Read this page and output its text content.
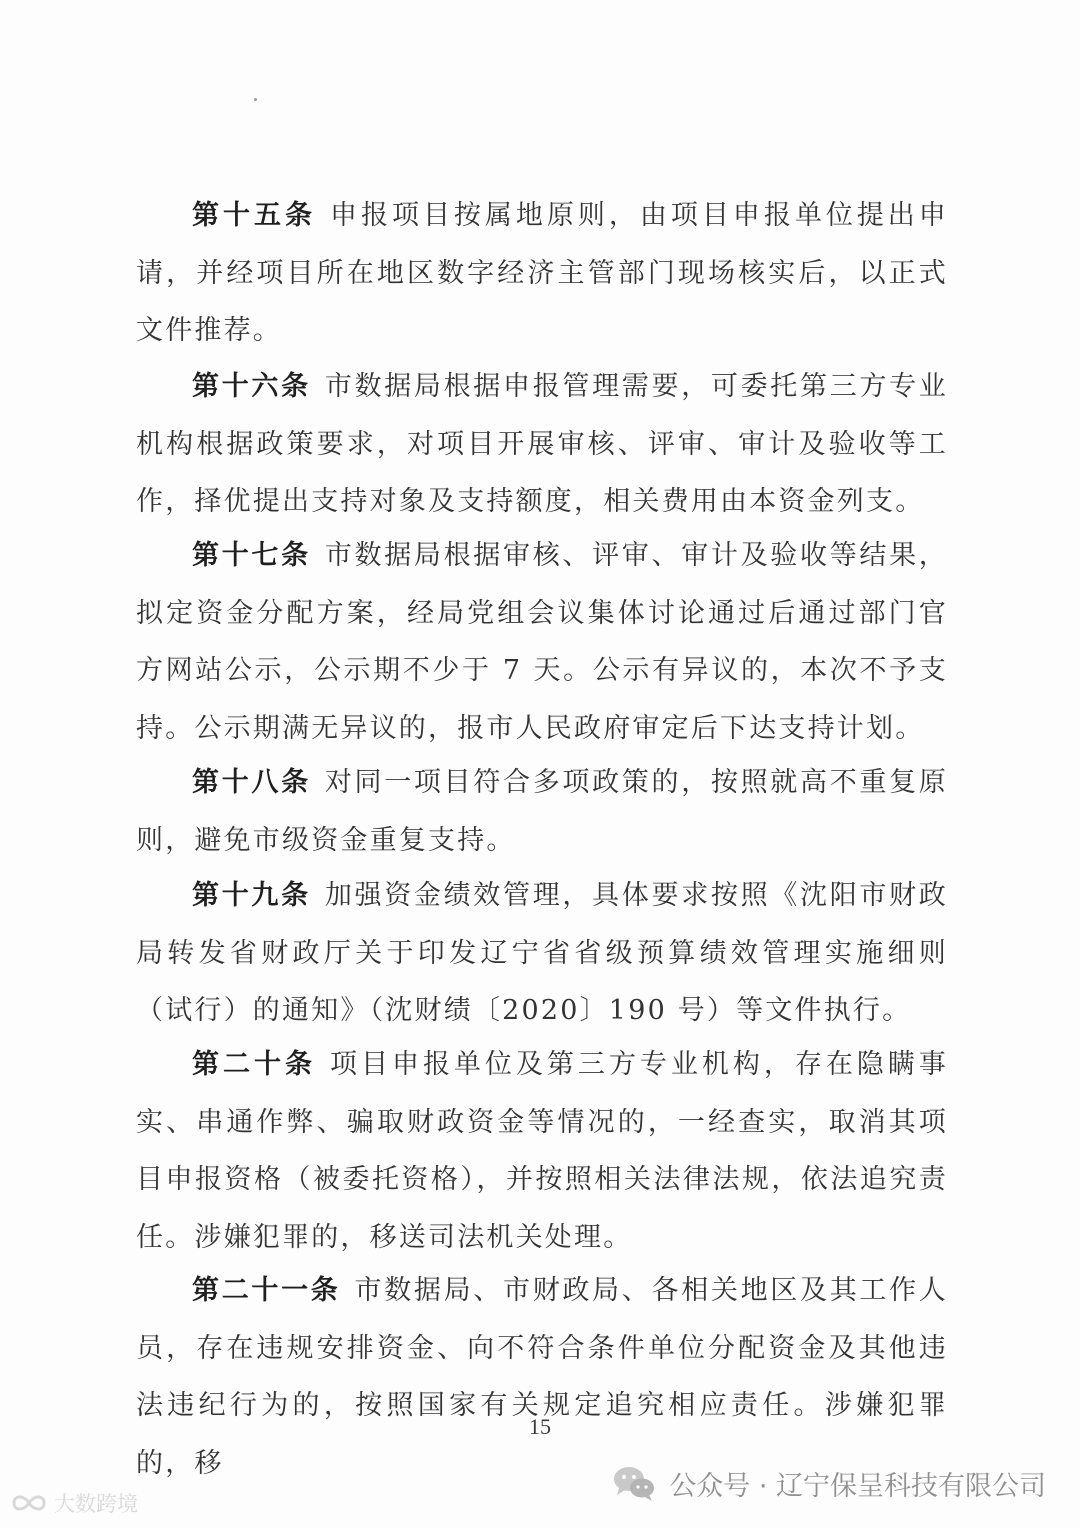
第十五条 申报项目按属地原则，由项目申报单位提出申请，并经项目所在地区数字经济主管部门现场核实后，以正式文件推荐。

第十六条 市数据局根据申报管理需要，可委托第三方专业机构根据政策要求，对项目开展审核、评审、审计及验收等工作，择优提出支持对象及支持额度，相关费用由本资金列支。

第十七条 市数据局根据审核、评审、审计及验收等结果，拟定资金分配方案，经局党组会议集体讨论通过后通过部门官方网站公示，公示期不少于 7 天。公示有异议的，本次不予支持。公示期满无异议的，报市人民政府审定后下达支持计划。

第十八条 对同一项目符合多项政策的，按照就高不重复原则，避免市级资金重复支持。

第十九条 加强资金绩效管理，具体要求按照《沈阳市财政局转发省财政厅关于印发辽宁省省级预算绩效管理实施细则（试行）的通知》（沈财绩〔2020〕190 号）等文件执行。

第二十条 项目申报单位及第三方专业机构，存在隐瞒事实、串通作弊、骗取财政资金等情况的，一经查实，取消其项目申报资格（被委托资格），并按照相关法律法规，依法追究责任。涉嫌犯罪的，移送司法机关处理。

第二十一条 市数据局、市财政局、各相关地区及其工作人员，存在违规安排资金、向不符合条件单位分配资金及其他违法违纪行为的，按照国家有关规定追究相应责任。涉嫌犯罪的，移

15
公众号 · 辽宁保呈科技有限公司
大数跨境
